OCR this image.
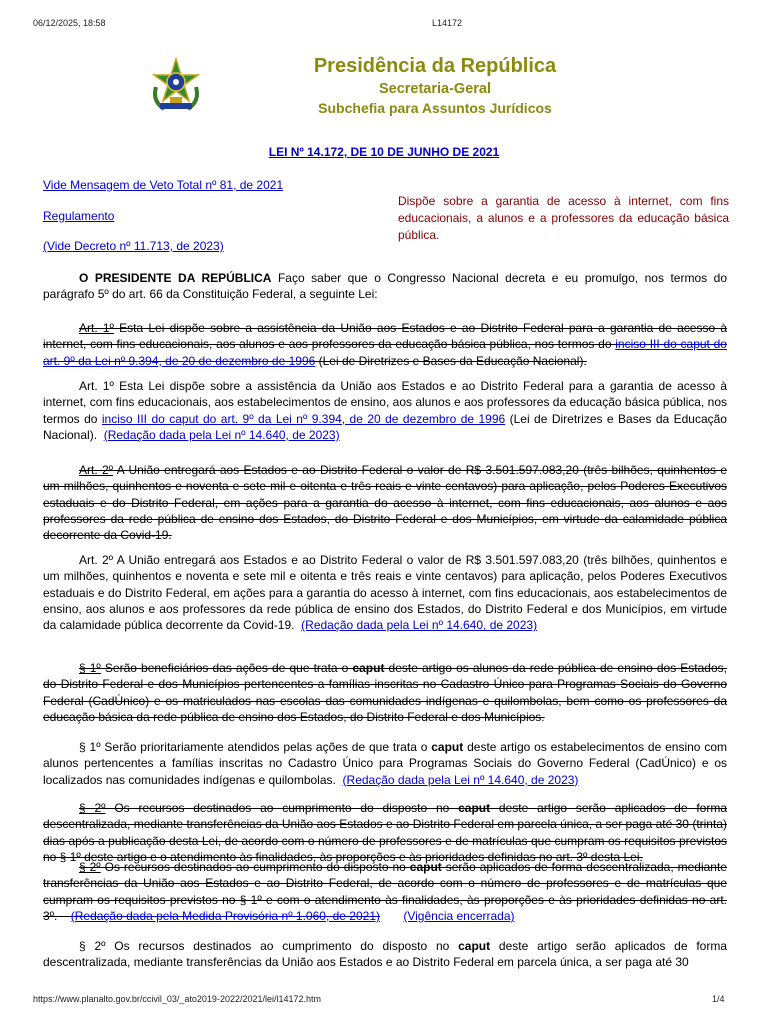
06/12/2025, 18:58	L14172
Presidência da República
Secretaria-Geral
Subchefia para Assuntos Jurídicos
LEI Nº 14.172, DE 10 DE JUNHO DE 2021
Vide Mensagem de Veto Total nº 81, de 2021
Regulamento
(Vide Decreto nº 11.713, de 2023)
Dispõe sobre a garantia de acesso à internet, com fins educacionais, a alunos e a professores da educação básica pública.
O PRESIDENTE DA REPÚBLICA Faço saber que o Congresso Nacional decreta e eu promulgo, nos termos do parágrafo 5º do art. 66 da Constituição Federal, a seguinte Lei:
Art. 1º Esta Lei dispõe sobre a assistência da União aos Estados e ao Distrito Federal para a garantia de acesso à internet, com fins educacionais, aos alunos e aos professores da educação básica pública, nos termos do inciso III do caput do art. 9º da Lei nº 9.394, de 20 de dezembro de 1996 (Lei de Diretrizes e Bases da Educação Nacional).
Art. 1º Esta Lei dispõe sobre a assistência da União aos Estados e ao Distrito Federal para a garantia de acesso à internet, com fins educacionais, aos estabelecimentos de ensino, aos alunos e aos professores da educação básica pública, nos termos do inciso III do caput do art. 9º da Lei nº 9.394, de 20 de dezembro de 1996 (Lei de Diretrizes e Bases da Educação Nacional). (Redação dada pela Lei nº 14.640, de 2023)
Art. 2º A União entregará aos Estados e ao Distrito Federal o valor de R$ 3.501.597.083,20 (três bilhões, quinhentos e um milhões, quinhentos e noventa e sete mil e oitenta e três reais e vinte centavos) para aplicação, pelos Poderes Executivos estaduais e do Distrito Federal, em ações para a garantia do acesso à internet, com fins educacionais, aos alunos e aos professores da rede pública de ensino dos Estados, do Distrito Federal e dos Municípios, em virtude da calamidade pública decorrente da Covid-19.
Art. 2º A União entregará aos Estados e ao Distrito Federal o valor de R$ 3.501.597.083,20 (três bilhões, quinhentos e um milhões, quinhentos e noventa e sete mil e oitenta e três reais e vinte centavos) para aplicação, pelos Poderes Executivos estaduais e do Distrito Federal, em ações para a garantia do acesso à internet, com fins educacionais, aos estabelecimentos de ensino, aos alunos e aos professores da rede pública de ensino dos Estados, do Distrito Federal e dos Municípios, em virtude da calamidade pública decorrente da Covid-19. (Redação dada pela Lei nº 14.640, de 2023)
§ 1º Serão beneficiários das ações de que trata o caput deste artigo os alunos da rede pública de ensino dos Estados, do Distrito Federal e dos Municípios pertencentes a famílias inscritas no Cadastro Único para Programas Sociais do Governo Federal (CadÚnico) e os matriculados nas escolas das comunidades indígenas e quilombolas, bem como os professores da educação básica da rede pública de ensino dos Estados, do Distrito Federal e dos Municípios.
§ 1º Serão prioritariamente atendidos pelas ações de que trata o caput deste artigo os estabelecimentos de ensino com alunos pertencentes a famílias inscritas no Cadastro Único para Programas Sociais do Governo Federal (CadÚnico) e os localizados nas comunidades indígenas e quilombolas. (Redação dada pela Lei nº 14.640, de 2023)
§ 2º Os recursos destinados ao cumprimento do disposto no caput deste artigo serão aplicados de forma descentralizada, mediante transferências da União aos Estados e ao Distrito Federal em parcela única, a ser paga até 30 (trinta) dias após a publicação desta Lei, de acordo com o número de professores e de matrículas que cumpram os requisitos previstos no § 1º deste artigo e o atendimento às finalidades, às proporções e às prioridades definidas no art. 3º desta Lei.
§ 2º Os recursos destinados ao cumprimento do disposto no caput serão aplicados de forma descentralizada, mediante transferências da União aos Estados e ao Distrito Federal, de acordo com o número de professores e de matrículas que cumpram os requisitos previstos no § 1º e com o atendimento às finalidades, às proporções e às prioridades definidas no art. 3º. (Redação dada pela Medida Provisória nº 1.060, de 2021) (Vigência encerrada)
§ 2º Os recursos destinados ao cumprimento do disposto no caput deste artigo serão aplicados de forma descentralizada, mediante transferências da União aos Estados e ao Distrito Federal em parcela única, a ser paga até 30
https://www.planalto.gov.br/ccivil_03/_ato2019-2022/2021/lei/l14172.htm	1/4
